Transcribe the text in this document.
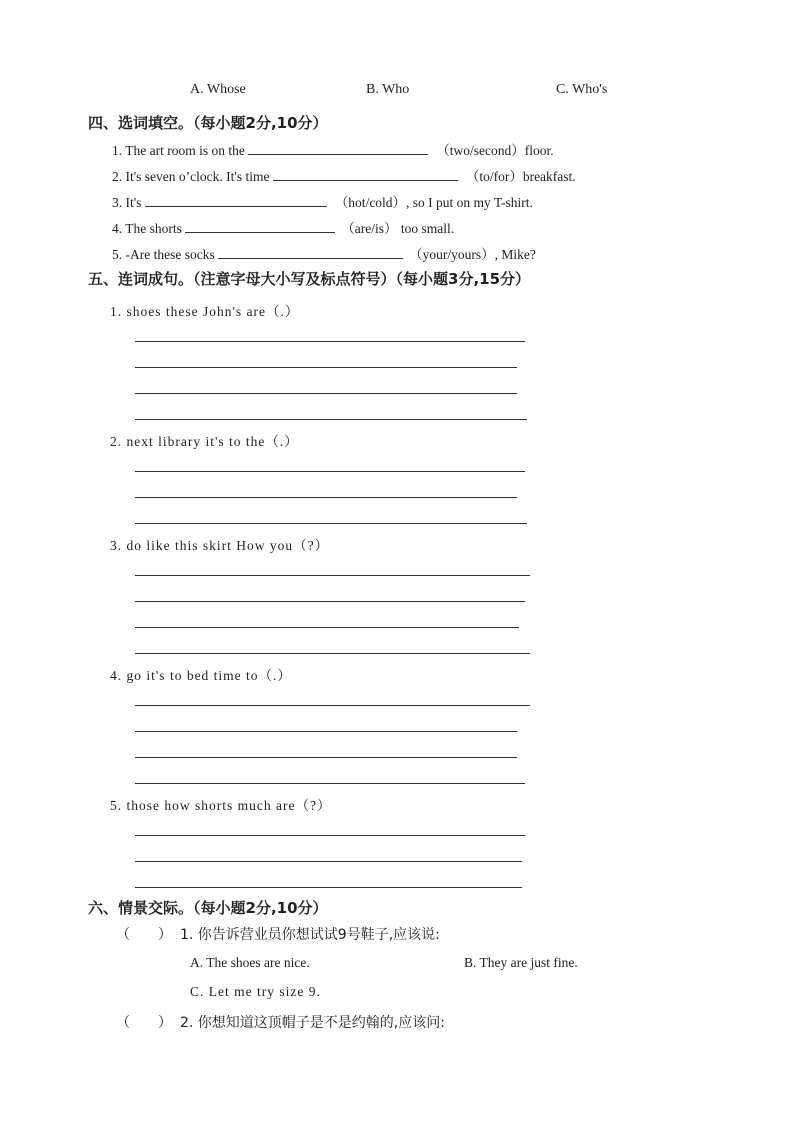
A. Whose	B. Who	C. Who's
四、选词填空。（每小题2分,10分）
1. The art room is on the	（two/second）floor.
2. It's seven o’clock. It's time	（to/for）breakfast.
3. It's	（hot/cold）, so I put on my T-shirt.
4. The shorts	（are/is） too small.
5. -Are these socks	（your/yours）, Mike?
五、连词成句。（注意字母大小写及标点符号）（每小题3分,15分）
1. shoes these John's are（.）
2. next library it's to the（.）
3. do like this skirt How you（?）
4. go it's to bed time to（.）
5. those how shorts much are（?）
六、情景交际。（每小题2分,10分）
（　　） 1. 你告诉营业员你想试试9号鞋子,应该说:
A. The shoes are nice.	B. They are just fine.
C. Let me try size 9.
（　　） 2. 你想知道这顶帽子是不是约翰的,应该问:
